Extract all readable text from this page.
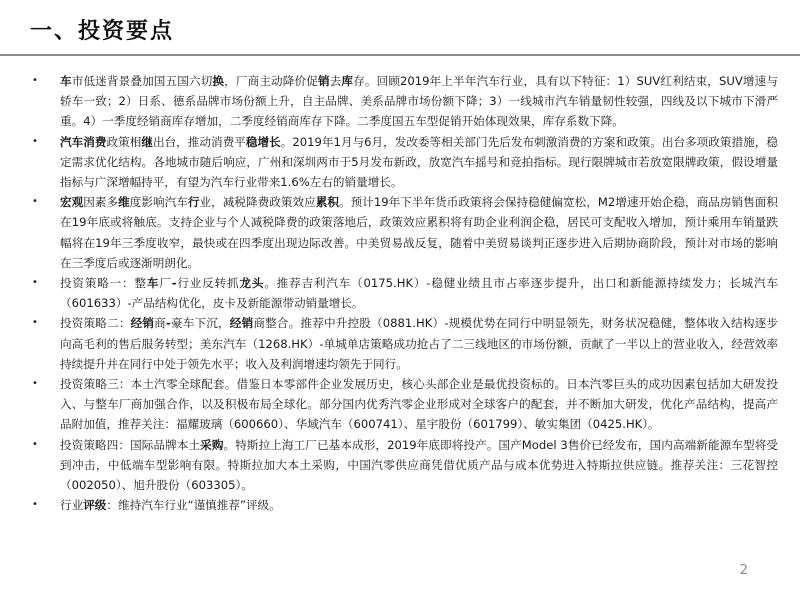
一、投资要点
• 车市低迷背景叠加国五国六切换，厂商主动降价促销去库存。回顾2019年上半年汽车行业，具有以下特征：1）SUV红利结束，SUV增速与轿车一致；2）日系、德系品牌市场份额上升，自主品牌、美系品牌市场份额下降；3）一线城市汽车销量韧性较强，四线及以下城市下滑严重。4）一季度经销商库存增加，二季度经销商库存下降。二季度国五车型促销开始体现效果，库存系数下降。
• 汽车消费政策相继出台，推动消费平稳增长。2019年1月与6月，发改委等相关部门先后发布刺激消费的方案和政策。出台多项政策措施，稳定需求优化结构。各地城市随后响应，广州和深圳两市于5月发布新政，放宽汽车摇号和竞拍指标。现行限牌城市若放宽限牌政策，假设增量指标与广深增幅持平，有望为汽车行业带来1.6%左右的销量增长。
• 宏观因素多维度影响汽车行业，减税降费政策效应累积。预计19年下半年货币政策将会保持稳健偏宽松，M2增速开始企稳，商品房销售面积在19年底或将触底。支持企业与个人减税降费的政策落地后，政策效应累积将有助企业利润企稳，居民可支配收入增加，预计乘用车销量跌幅将在19年三季度收窄，最快或在四季度出现边际改善。中美贸易战反复，随着中美贸易谈判正逐步进入后期协商阶段，预计对市场的影响在三季度后或逐渐明朗化。
• 投资策略一：整车厂-行业反转抓龙头。推荐吉利汽车（0175.HK）-稳健业绩且市占率逐步提升，出口和新能源持续发力；长城汽车（601633）-产品结构优化，皮卡及新能源带动销量增长。
• 投资策略二：经销商-豪车下沉，经销商整合。推荐中升控股（0881.HK）-规模优势在同行中明显领先，财务状况稳健，整体收入结构逐步向高毛利的售后服务转型；美东汽车（1268.HK）-单城单店策略成功抢占了二三线地区的市场份额，贡献了一半以上的营业收入，经营效率持续提升并在同行中处于领先水平；收入及利润增速均领先于同行。
• 投资策略三：本土汽零全球配套。借鉴日本零部件企业发展历史，核心头部企业是最优投资标的。日本汽零巨头的成功因素包括加大研发投入、与整车厂商加强合作，以及积极布局全球化。部分国内优秀汽零企业形成对全球客户的配套，并不断加大研发，优化产品结构，提高产品附加值，推荐关注：福耀玻璃（600660）、华域汽车（600741）、星宇股份（601799）、敏实集团（0425.HK）。
• 投资策略四：国际品牌本土采购。特斯拉上海工厂已基本成形，2019年底即将投产。国产Model 3售价已经发布，国内高端新能源车型将受到冲击，中低端车型影响有限。特斯拉加大本土采购，中国汽零供应商凭借优质产品与成本优势进入特斯拉供应链。推荐关注：三花智控（002050）、旭升股份（603305）。
• 行业评级：维持汽车行业“谨慎推荐”评级。
2
